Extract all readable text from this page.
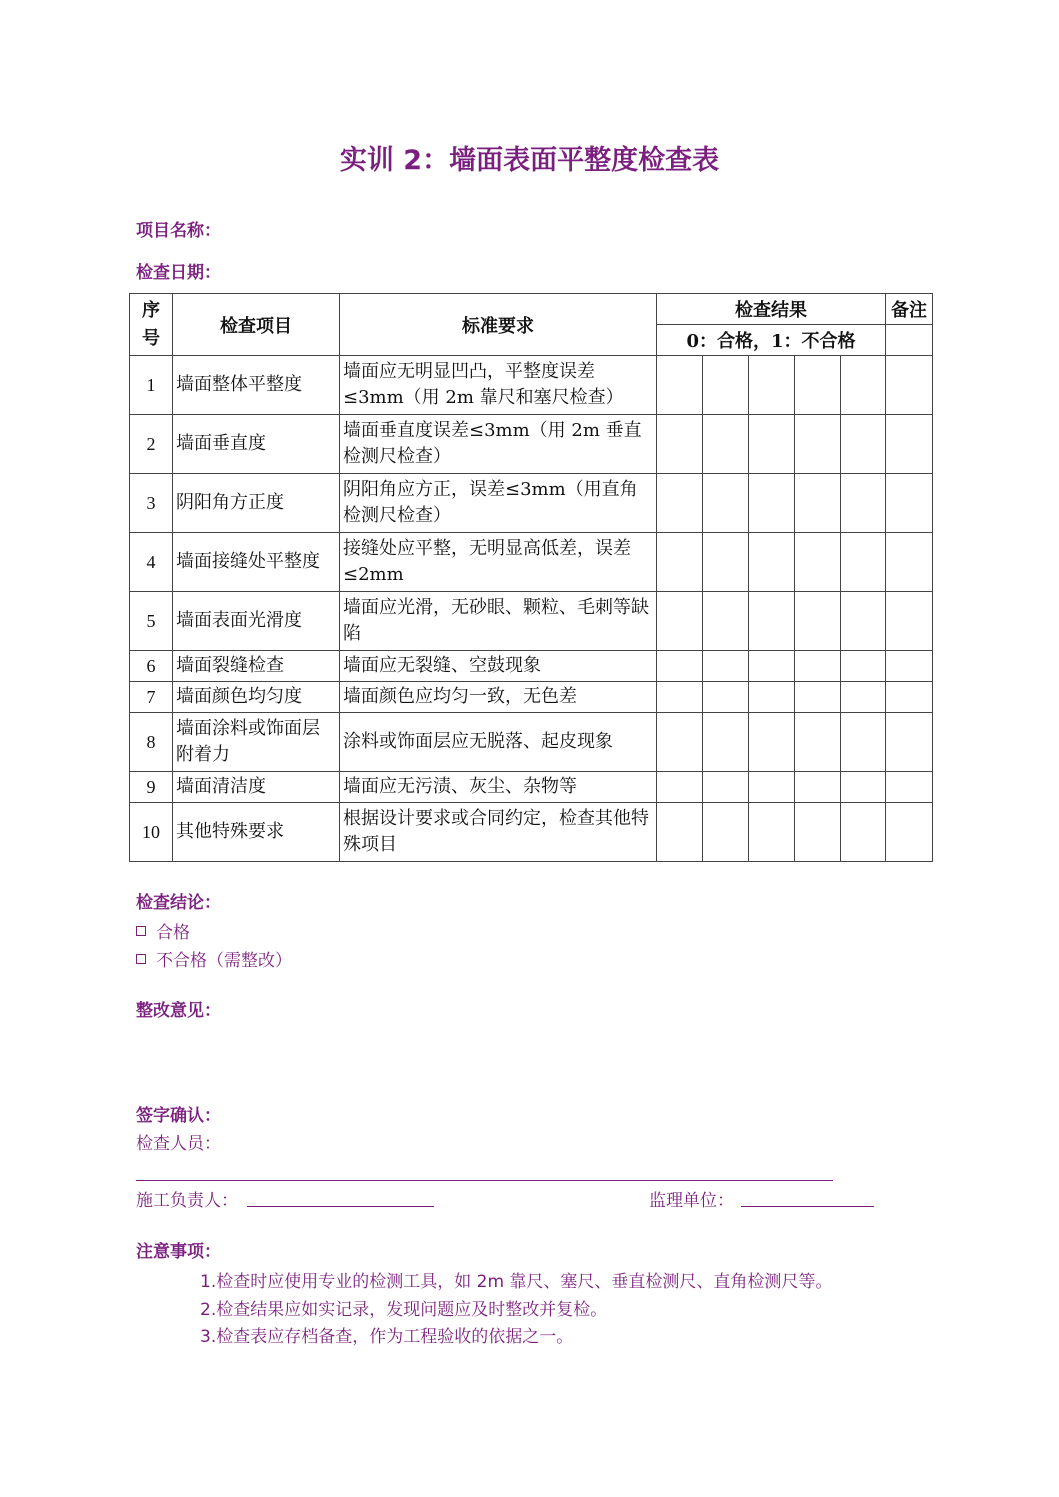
实训 2：墙面表面平整度检查表
项目名称：
检查日期：
序号	检查项目	标准要求	检查结果					备注
			0：合格，1：不合格					
1	墙面整体平整度	墙面应无明显凹凸，平整度误差≤3mm（用 2m 靠尺和塞尺检查）						
2	墙面垂直度	墙面垂直度误差≤3mm（用 2m 垂直检测尺检查）						
3	阴阳角方正度	阴阳角应方正，误差≤3mm（用直角检测尺检查）						
4	墙面接缝处平整度	接缝处应平整，无明显高低差，误差≤2mm						
5	墙面表面光滑度	墙面应光滑，无砂眼、颗粒、毛刺等缺陷						
6	墙面裂缝检查	墙面应无裂缝、空鼓现象						
7	墙面颜色均匀度	墙面颜色应均匀一致，无色差						
8	墙面涂料或饰面层附着力	涂料或饰面层应无脱落、起皮现象						
9	墙面清洁度	墙面应无污渍、灰尘、杂物等						
10	其他特殊要求	根据设计要求或合同约定，检查其他特殊项目						
检查结论：
合格
不合格（需整改）
整改意见：
签字确认：
检查人员：
施工负责人：	监理单位：
注意事项：
1.检查时应使用专业的检测工具，如 2m 靠尺、塞尺、垂直检测尺、直角检测尺等。
2.检查结果应如实记录，发现问题应及时整改并复检。
3.检查表应存档备查，作为工程验收的依据之一。
